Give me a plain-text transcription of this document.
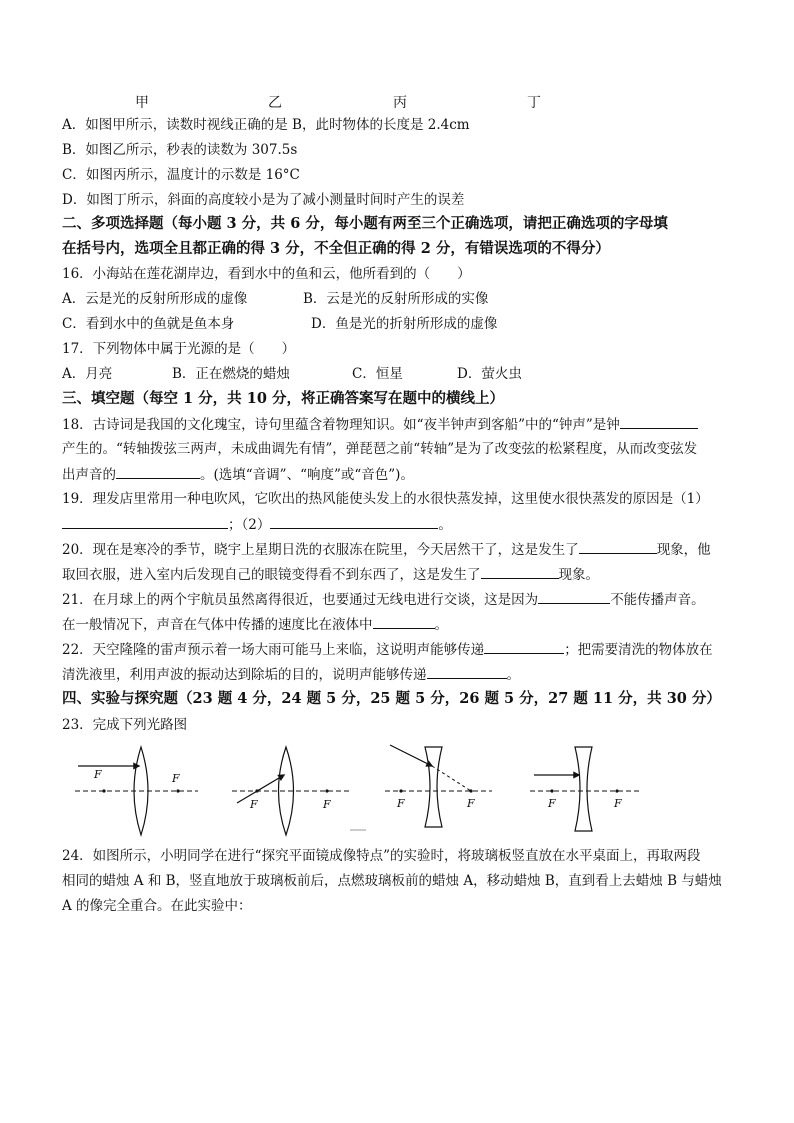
甲	乙	丙	丁
A．如图甲所示，读数时视线正确的是 B，此时物体的长度是 2.4cm
B．如图乙所示，秒表的读数为 307.5s
C．如图丙所示，温度计的示数是 16°C
D．如图丁所示，斜面的高度较小是为了减小测量时间时产生的误差
二、多项选择题（每小题 3 分，共 6 分，每小题有两至三个正确选项，请把正确选项的字母填
在括号内，选项全且都正确的得 3 分，不全但正确的得 2 分，有错误选项的不得分）
16．小海站在莲花湖岸边，看到水中的鱼和云，他所看到的（　　）
A．云是光的反射所形成的虚像	B．云是光的反射所形成的实像
C．看到水中的鱼就是鱼本身	D．鱼是光的折射所形成的虚像
17．下列物体中属于光源的是（　　）
A．月亮	B．正在燃烧的蜡烛	C．恒星	D．萤火虫
三、填空题（每空 1 分，共 10 分，将正确答案写在题中的横线上）
18．古诗词是我国的文化瑰宝，诗句里蕴含着物理知识。如“夜半钟声到客船”中的“钟声”是钟
产生的。“转轴拨弦三两声，未成曲调先有情”，弹琵琶之前“转轴”是为了改变弦的松紧程度，从而改变弦发
出声音的	。(选填“音调”、“响度”或“音色”)。
19．理发店里常用一种电吹风，它吹出的热风能使头发上的水很快蒸发掉，这里使水很快蒸发的原因是（1）
；（2）	。
20．现在是寒冷的季节，晓宇上星期日洗的衣服冻在院里，今天居然干了，这是发生了	现象，他
取回衣服，进入室内后发现自己的眼镜变得看不到东西了，这是发生了	现象。
21．在月球上的两个宇航员虽然离得很近，也要通过无线电进行交谈，这是因为	不能传播声音。
在一般情况下，声音在气体中传播的速度比在液体中	。
22．天空隆隆的雷声预示着一场大雨可能马上来临，这说明声能够传递	；把需要清洗的物体放在
清洗液里，利用声波的振动达到除垢的目的，说明声能够传递	。
四、实验与探究题（23 题 4 分，24 题 5 分，25 题 5 分，26 题 5 分，27 题 11 分，共 30 分）
23．完成下列光路图
F	F
F	F	F	F	F	F
24．如图所示，小明同学在进行“探究平面镜成像特点”的实验时，将玻璃板竖直放在水平桌面上，再取两段
相同的蜡烛 A 和 B，竖直地放于玻璃板前后，点燃玻璃板前的蜡烛 A，移动蜡烛 B，直到看上去蜡烛 B 与蜡烛
A 的像完全重合。在此实验中：
